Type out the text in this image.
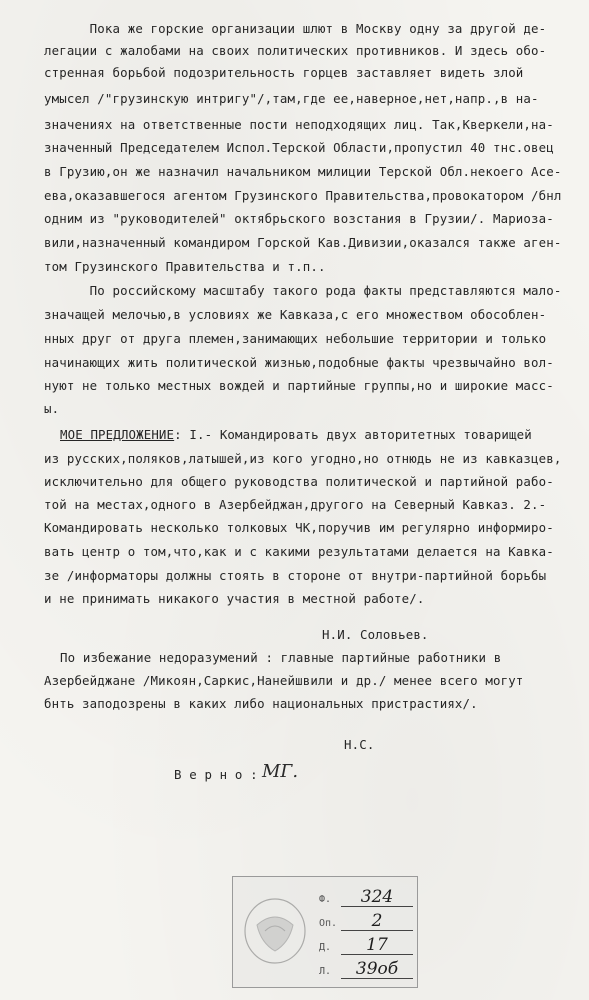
Пока же горские организации шлют в Москву одну за другой де-
легации с жалобами на своих политических противников. И здесь обо-
стренная борьбой подозрительность горцев заставляет видеть злой
умысел /"грузинскую интригу"/,там,где ее,наверное,нет,напр.,в на-
значениях на ответственные пости неподходящих лиц. Так,Кверкели,на-
значенный Председателем Испол.Терской Области,пропустил 40 тнс.овец
в Грузию,он же назначил начальником милиции Терской Обл.некоего Асе-
ева,оказавшегося агентом Грузинского Правительства,провокатором /бнл
одним из "руководителей" октябрьского возстания в Грузии/. Мариоза-
вили,назначенный командиром Горской Кав.Дивизии,оказался также аген-
том Грузинского Правительства и т.п..
По российскому масштабу такого рода факты представляются мало-
значащей мелочью,в условиях же Кавказа,с его множеством обособлен-
нных друг от друга племен,занимающих небольшие территории и только
начинающих жить политической жизнью,подобные факты чрезвычайно вол-
нуют не только местных вождей и партийные группы,но и широкие масс-
ы.
МОЕ ПРЕДЛОЖЕНИЕ: I.- Командировать двух авторитетных товарищей
из русских,поляков,латышей,из кого угодно,но отнюдь не из кавказцев,
исключительно для общего руководства политической и партийной рабо-
той на местах,одного в Азербейджан,другого на Северный Кавказ. 2.-
Командировать несколько толковых ЧК,поручив им регулярно информиро-
вать центр о том,что,как и с какими результатами делается на Кавка-
зе /информаторы должны стоять в стороне от внутри-партийной борьбы
и не принимать никакого участия в местной работе/.
Н.И. Соловьев.
По избежание недоразумений : главные партийные работники в
Азербейджане /Микоян,Саркис,Нанейшвили и др./ менее всего могут
бнть заподозрены в каких либо национальных пристрастиях/.
Н.С.
В е р н о : МГ.
Ф.	324
Оп.	2
Д.	17
Л.	39об
